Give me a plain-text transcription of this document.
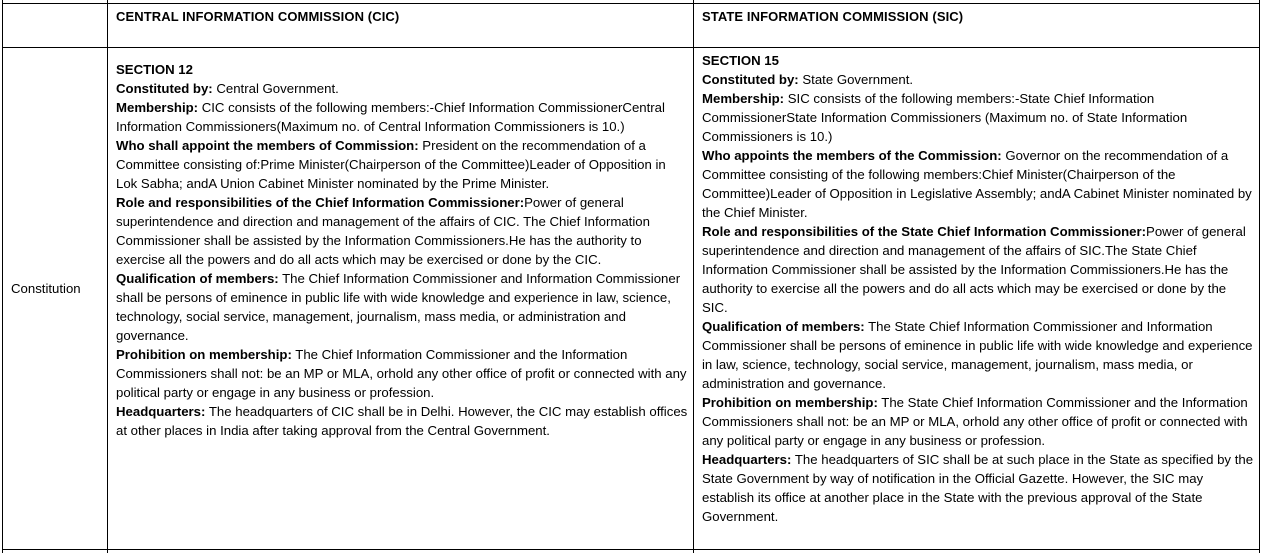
CENTRAL INFORMATION COMMISSION (CIC)	STATE INFORMATION COMMISSION (SIC)
Constitution

SECTION 12

Constituted by: Central Government.

Membership: CIC consists of the following members:-Chief Information CommissionerCentral Information Commissioners(Maximum no. of Central Information Commissioners is 10.)

Who shall appoint the members of Commission: President on the recommendation of a Committee consisting of:Prime Minister(Chairperson of the Committee)Leader of Opposition in Lok Sabha; andA Union Cabinet Minister nominated by the Prime Minister.

Role and responsibilities of the Chief Information Commissioner:Power of general superintendence and direction and management of the affairs of CIC. The Chief Information Commissioner shall be assisted by the Information Commissioners.He has the authority to exercise all the powers and do all acts which may be exercised or done by the CIC.

Qualification of members: The Chief Information Commissioner and Information Commissioner shall be persons of eminence in public life with wide knowledge and experience in law, science, technology, social service, management, journalism, mass media, or administration and governance.

Prohibition on membership: The Chief Information Commissioner and the Information Commissioners shall not: be an MP or MLA, orhold any other office of profit or connected with any political party or engage in any business or profession.

Headquarters: The headquarters of CIC shall be in Delhi. However, the CIC may establish offices at other places in India after taking approval from the Central Government.

SECTION 15

Constituted by: State Government.

Membership: SIC consists of the following members:-State Chief Information CommissionerState Information Commissioners (Maximum no. of State Information Commissioners is 10.)

Who appoints the members of the Commission: Governor on the recommendation of a Committee consisting of the following members:Chief Minister(Chairperson of the Committee)Leader of Opposition in Legislative Assembly; andA Cabinet Minister nominated by the Chief Minister.

Role and responsibilities of the State Chief Information Commissioner:Power of general superintendence and direction and management of the affairs of SIC.The State Chief Information Commissioner shall be assisted by the Information Commissioners.He has the authority to exercise all the powers and do all acts which may be exercised or done by the SIC.

Qualification of members: The State Chief Information Commissioner and Information Commissioner shall be persons of eminence in public life with wide knowledge and experience in law, science, technology, social service, management, journalism, mass media, or administration and governance.

Prohibition on membership: The State Chief Information Commissioner and the Information Commissioners shall not: be an MP or MLA, orhold any other office of profit or connected with any political party or engage in any business or profession.

Headquarters: The headquarters of SIC shall be at such place in the State as specified by the State Government by way of notification in the Official Gazette. However, the SIC may establish its office at another place in the State with the previous approval of the State Government.
